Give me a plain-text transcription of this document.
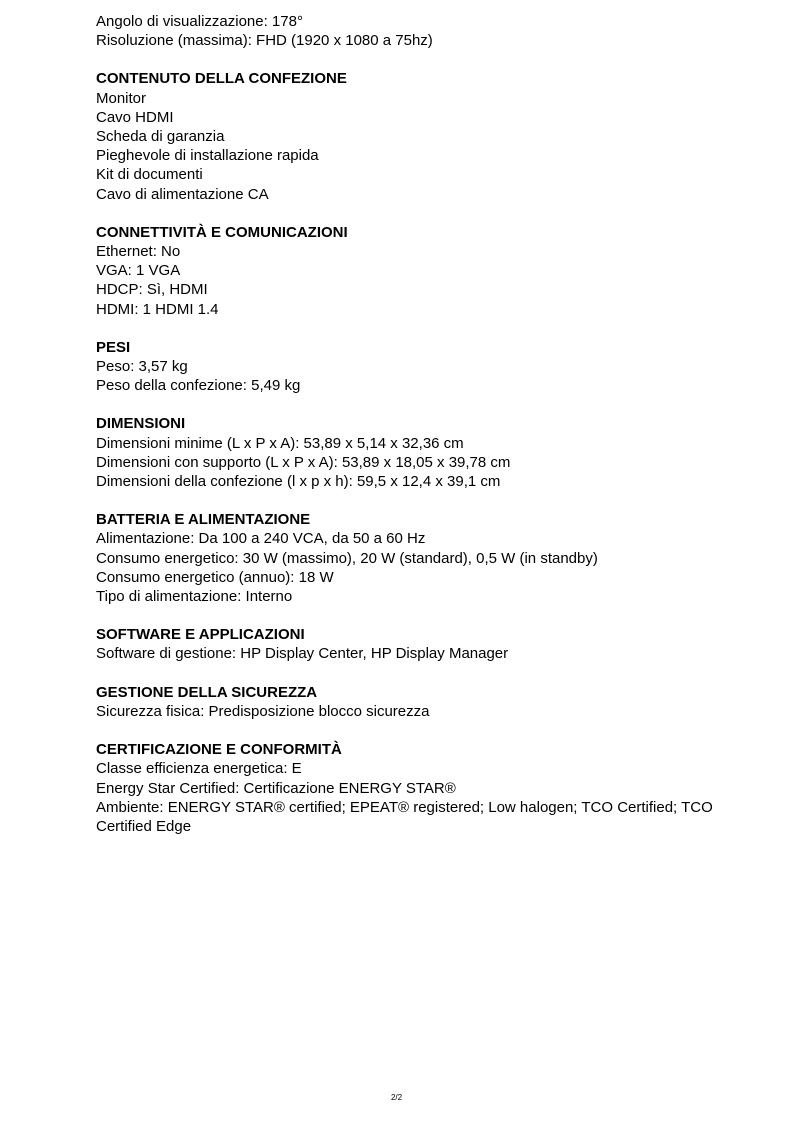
Angolo di visualizzazione: 178°
Risoluzione (massima): FHD (1920 x 1080 a 75hz)
CONTENUTO DELLA CONFEZIONE
Monitor
Cavo HDMI
Scheda di garanzia
Pieghevole di installazione rapida
Kit di documenti
Cavo di alimentazione CA
CONNETTIVITÀ E COMUNICAZIONI
Ethernet: No
VGA: 1 VGA
HDCP: Sì, HDMI
HDMI: 1 HDMI 1.4
PESI
Peso: 3,57 kg
Peso della confezione: 5,49 kg
DIMENSIONI
Dimensioni minime (L x P x A): 53,89 x 5,14 x 32,36 cm
Dimensioni con supporto (L x P x A): 53,89 x 18,05 x 39,78 cm
Dimensioni della confezione (l x p x h): 59,5 x 12,4 x 39,1 cm
BATTERIA E ALIMENTAZIONE
Alimentazione: Da 100 a 240 VCA, da 50 a 60 Hz
Consumo energetico: 30 W (massimo), 20 W (standard), 0,5 W (in standby)
Consumo energetico (annuo): 18 W
Tipo di alimentazione: Interno
SOFTWARE E APPLICAZIONI
Software di gestione: HP Display Center, HP Display Manager
GESTIONE DELLA SICUREZZA
Sicurezza fisica: Predisposizione blocco sicurezza
CERTIFICAZIONE E CONFORMITÀ
Classe efficienza energetica: E
Energy Star Certified: Certificazione ENERGY STAR®
Ambiente: ENERGY STAR® certified; EPEAT® registered; Low halogen; TCO Certified; TCO Certified Edge
2/2
